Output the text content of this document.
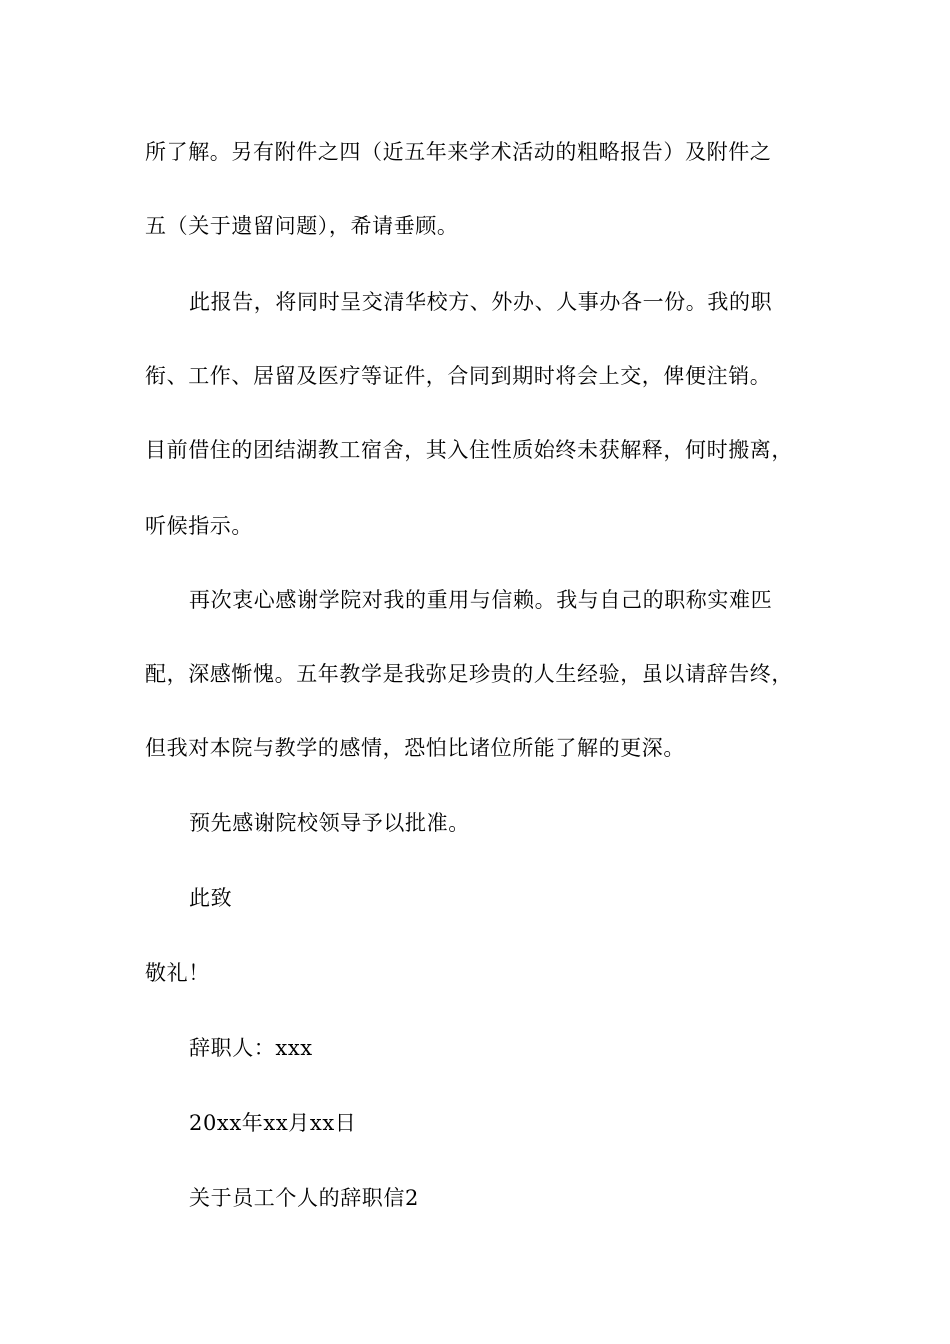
所了解。另有附件之四（近五年来学术活动的粗略报告）及附件之
五（关于遗留问题），希请垂顾。
此报告，将同时呈交清华校方、外办、人事办各一份。我的职
衔、工作、居留及医疗等证件，合同到期时将会上交，俾便注销。
目前借住的团结湖教工宿舍，其入住性质始终未获解释，何时搬离，
听候指示。
再次衷心感谢学院对我的重用与信赖。我与自己的职称实难匹
配，深感惭愧。五年教学是我弥足珍贵的人生经验，虽以请辞告终，
但我对本院与教学的感情，恐怕比诸位所能了解的更深。
预先感谢院校领导予以批准。
此致
敬礼！
辞职人：xxx
20xx年xx月xx日
关于员工个人的辞职信2
